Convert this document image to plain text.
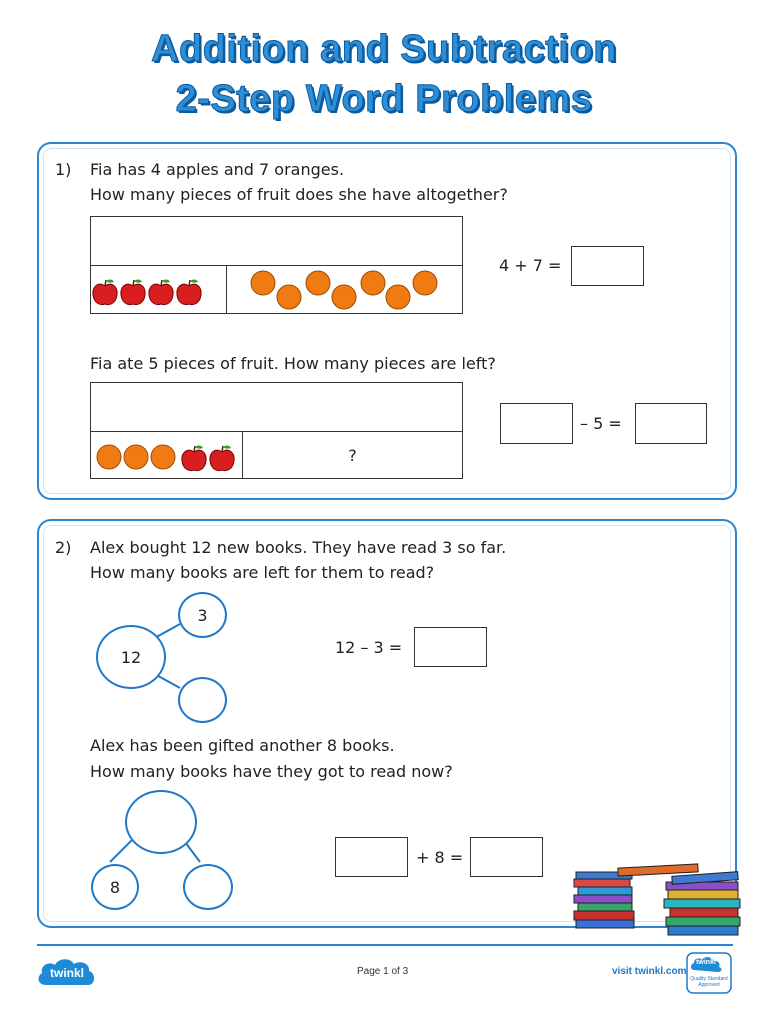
Addition and Subtraction
2-Step Word Problems
1) Fia has 4 apples and 7 oranges.
How many pieces of fruit does she have altogether?
4 + 7 =
Fia ate 5 pieces of fruit. How many pieces are left?
?
– 5 =
2) Alex bought 12 new books. They have read 3 so far.
How many books are left for them to read?
12
3
12 – 3 =
Alex has been gifted another 8 books.
How many books have they got to read now?
8
+ 8 =
twinkl	Page 1 of 3	visit twinkl.com
twinkl
Quality Standard Approved
